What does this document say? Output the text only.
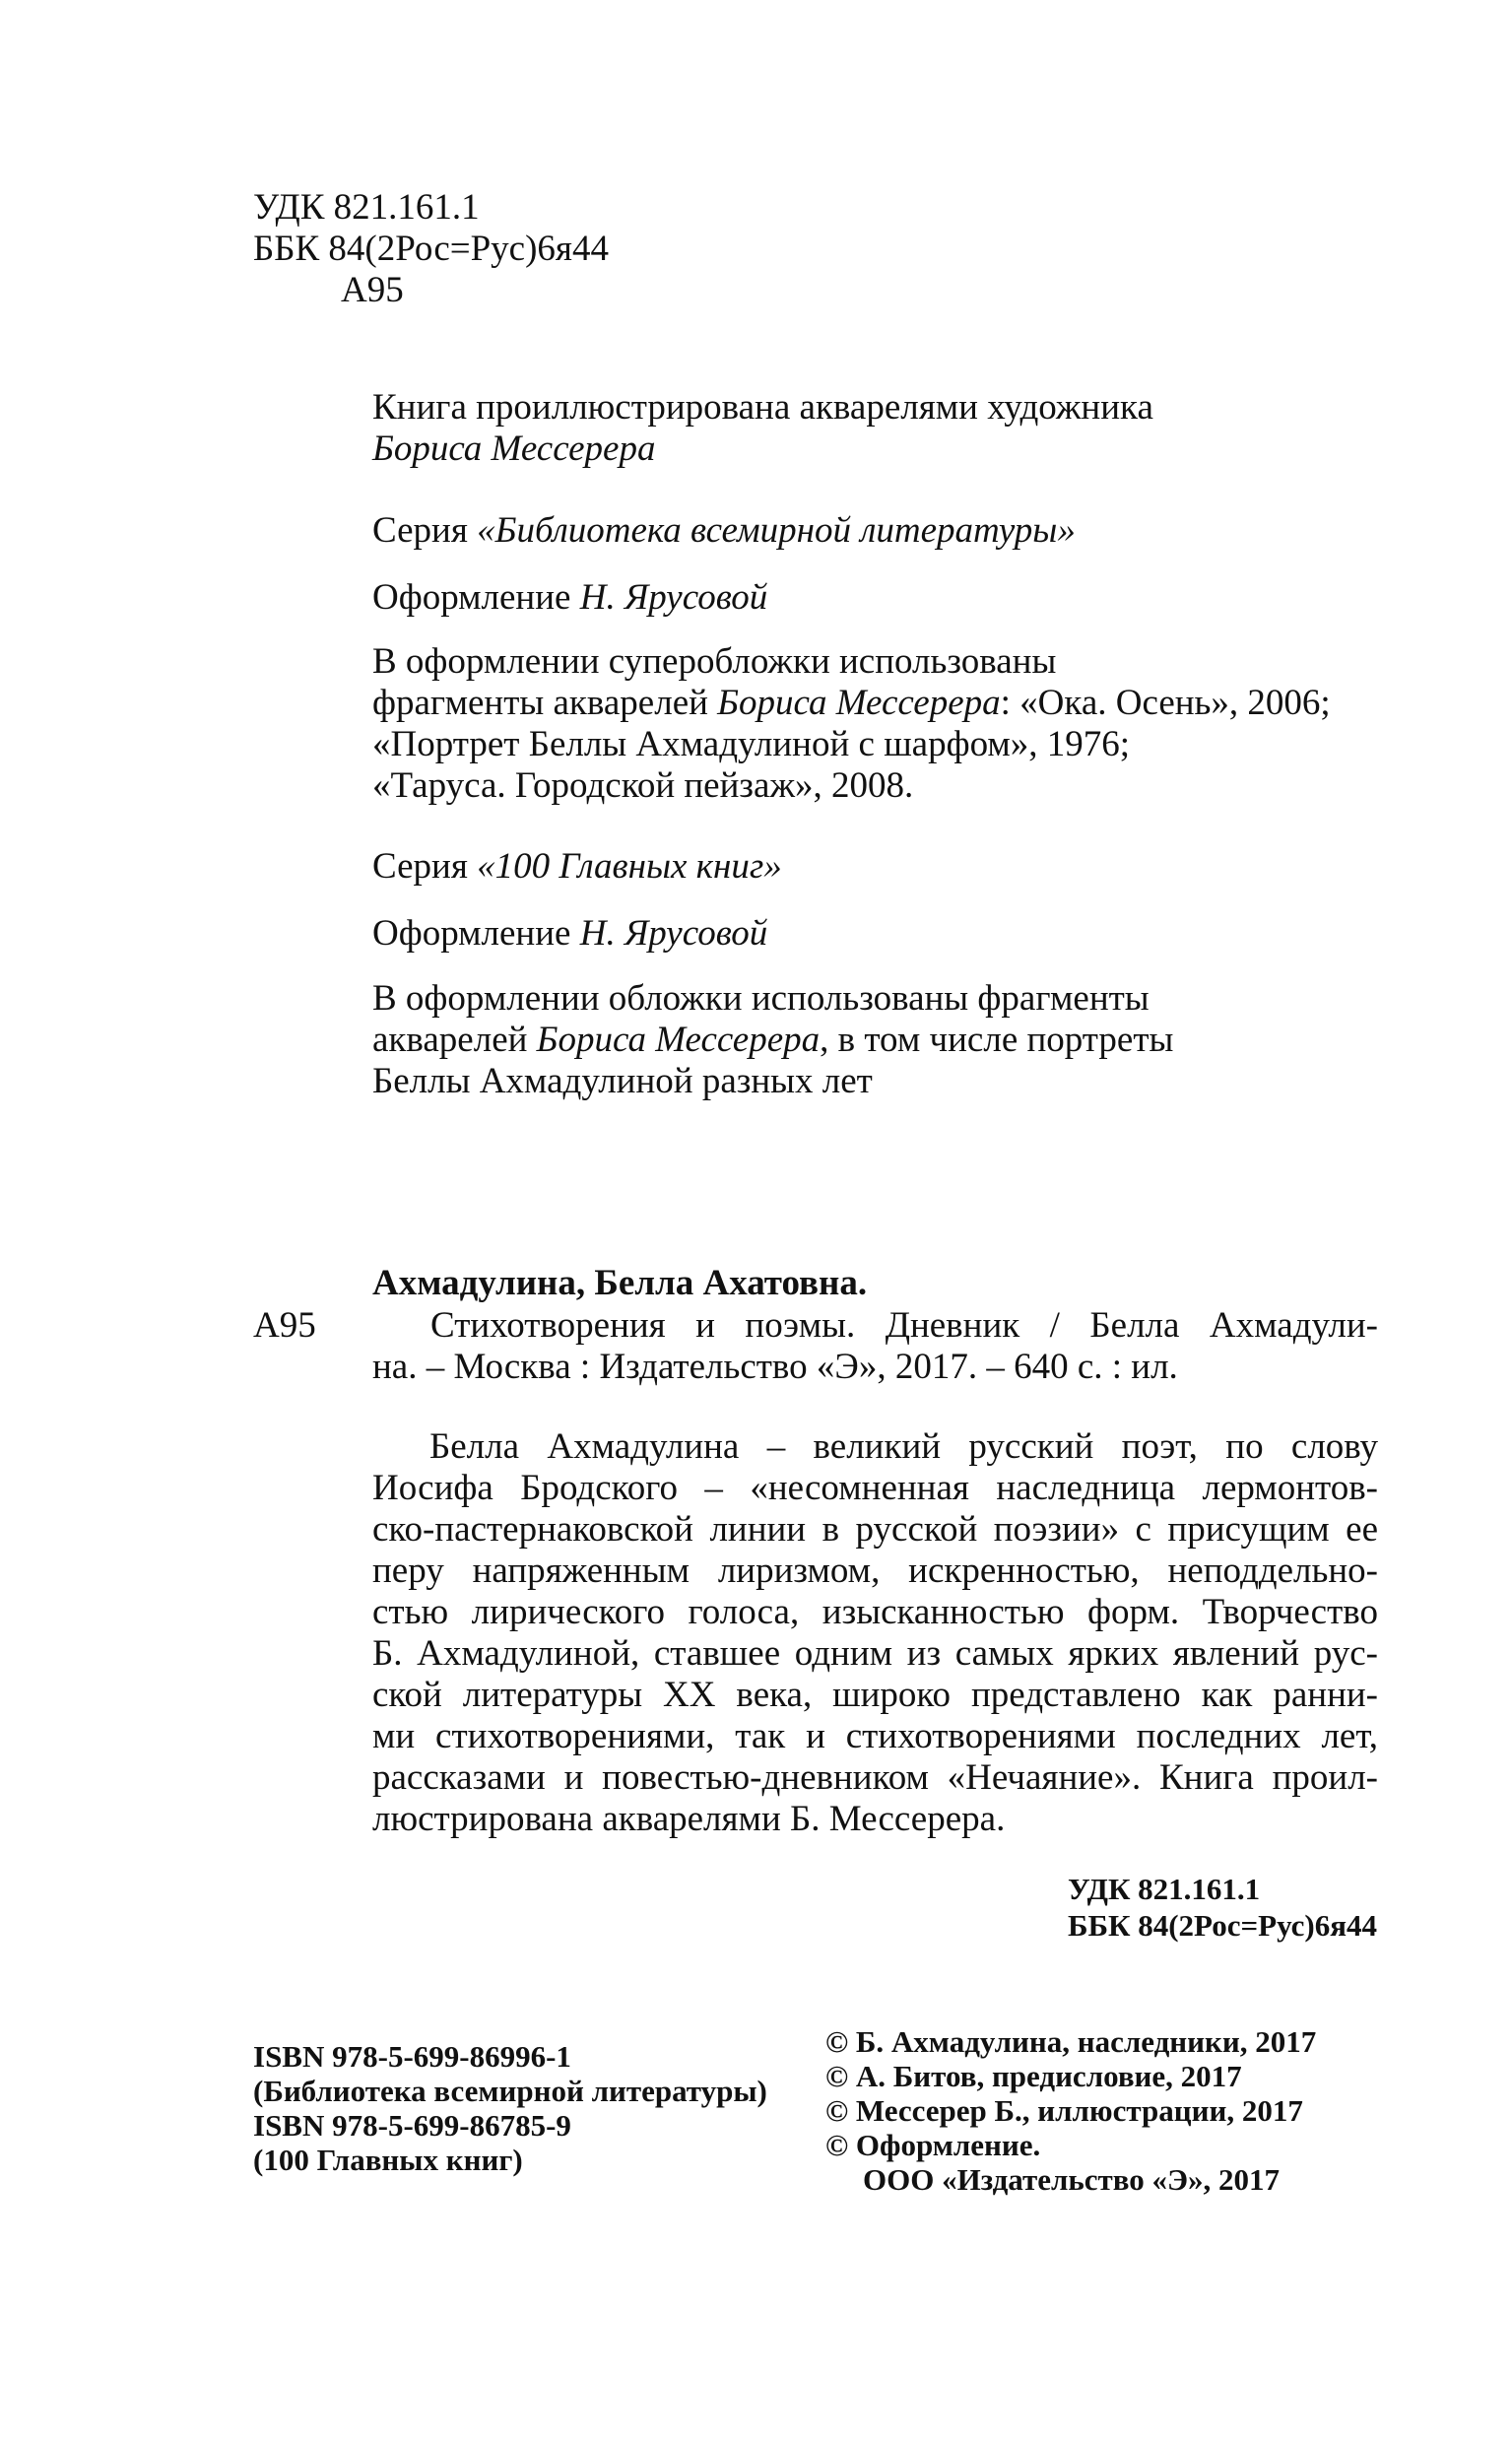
УДК 821.161.1
ББК 84(2Рос=Рус)6я44
А95
Книга проиллюстрирована акварелями художника
Бориса Мессерера
Серия «Библиотека всемирной литературы»
Оформление Н. Ярусовой
В оформлении суперобложки использованы
фрагменты акварелей Бориса Мессерера: «Ока. Осень», 2006;
«Портрет Беллы Ахмадулиной с шарфом», 1976;
«Таруса. Городской пейзаж», 2008.
Серия «100 Главных книг»
Оформление Н. Ярусовой
В оформлении обложки использованы фрагменты
акварелей Бориса Мессерера, в том числе портреты
Беллы Ахмадулиной разных лет
Ахмадулина, Белла Ахатовна.
А95	Стихотворения и поэмы. Дневник / Белла Ахмадули-
на. – Москва : Издательство «Э», 2017. – 640 с. : ил.
Белла Ахмадулина – великий русский поэт, по слову
Иосифа Бродского – «несомненная наследница лермонтов-
ско-пастернаковской линии в русской поэзии» с присущим ее
перу напряженным лиризмом, искренностью, неподдельно-
стью лирического голоса, изысканностью форм. Творчество
Б. Ахмадулиной, ставшее одним из самых ярких явлений рус-
ской литературы XX века, широко представлено как ранни-
ми стихотворениями, так и стихотворениями последних лет,
рассказами и повестью-дневником «Нечаяние». Книга проил-
люстрирована акварелями Б. Мессерера.
УДК 821.161.1
ББК 84(2Рос=Рус)6я44
ISBN 978-5-699-86996-1
(Библиотека всемирной литературы)
ISBN 978-5-699-86785-9
(100 Главных книг)
© Б. Ахмадулина, наследники, 2017
© А. Битов, предисловие, 2017
© Мессерер Б., иллюстрации, 2017
© Оформление.
ООО «Издательство «Э», 2017
